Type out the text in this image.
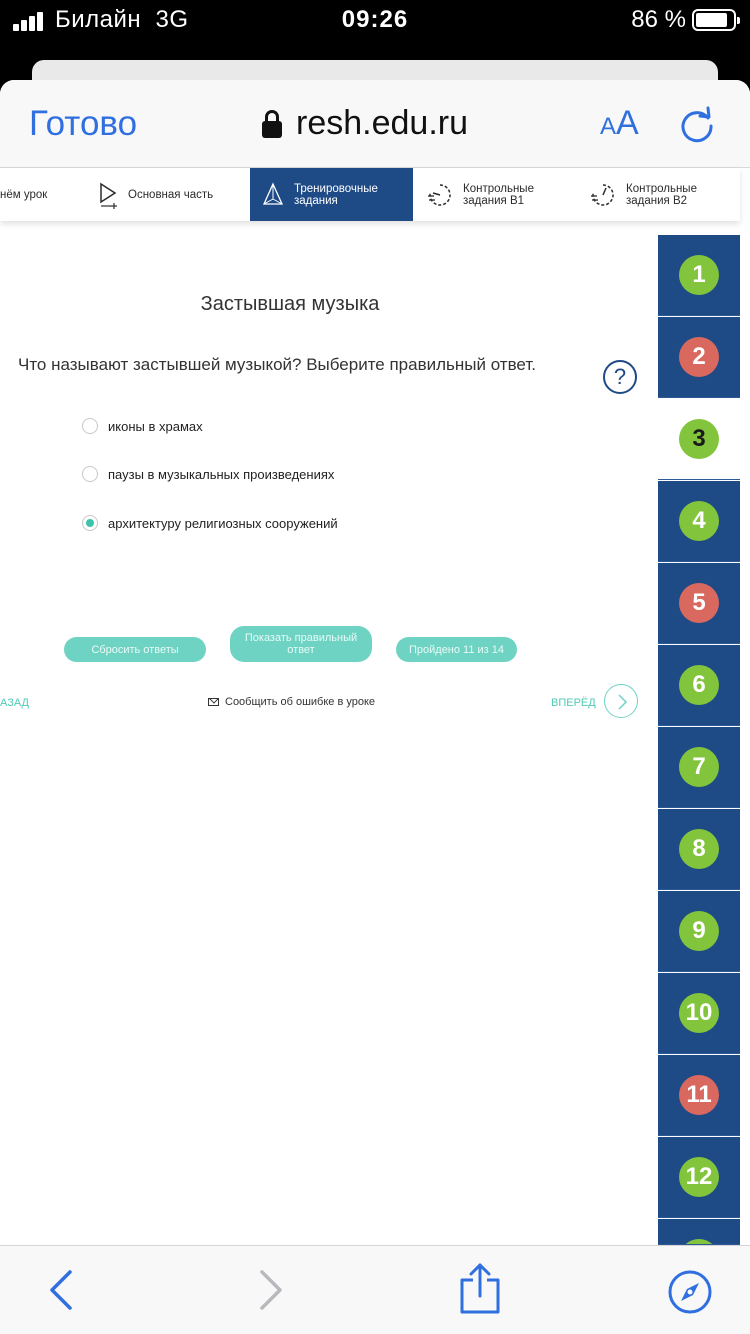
Билайн 3G	09:26	86 %
Готово	resh.edu.ru	AA
нём урок	Основная часть	Тренировочные задания
Контрольные задания В1
Контрольные задания В2
Застывшая музыка
Что называют застывшей музыкой? Выберите правильный ответ.	?
иконы в храмах
паузы в музыкальных произведениях
архитектуру религиозных сооружений
Сбросить ответы
Показать правильный ответ	Пройдено 11 из 14
АЗАД	Сообщить об ошибке в уроке	ВПЕРЁД
1
2
3
4
5
6
7
8
9
10
11
12
